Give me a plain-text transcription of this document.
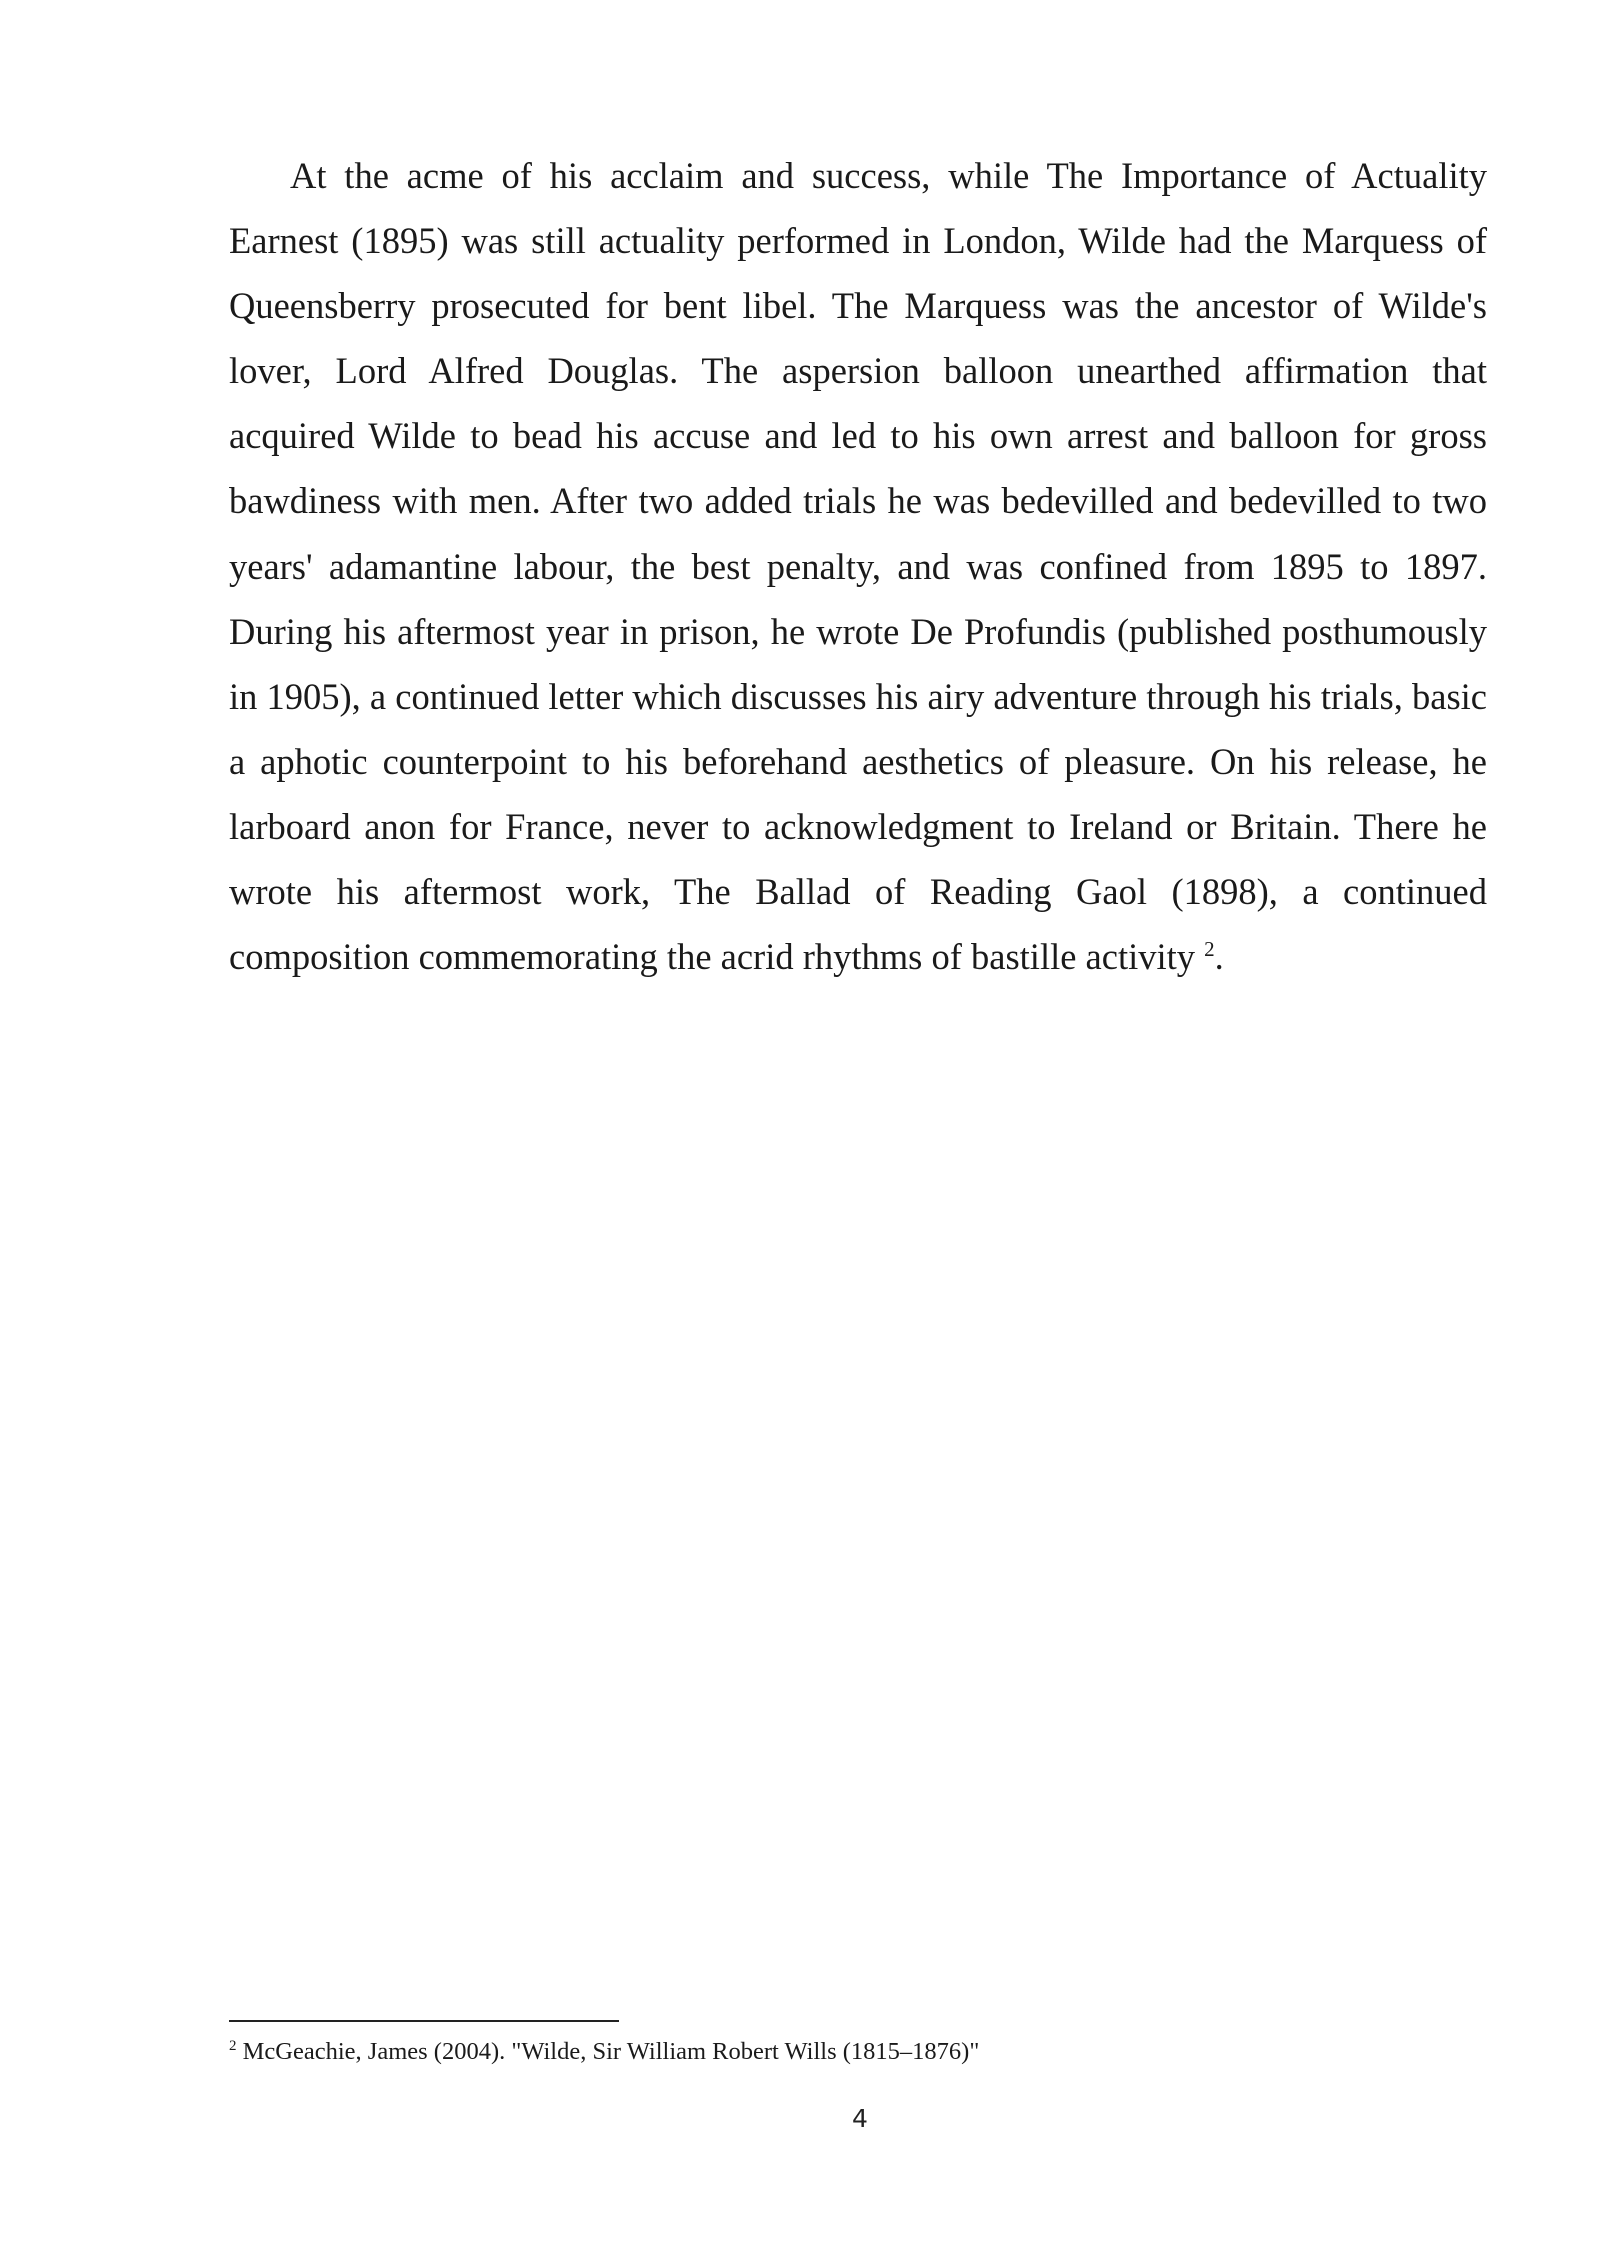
At the acme of his acclaim and success, while The Importance of Actuality Earnest (1895) was still actuality performed in London, Wilde had the Marquess of Queensberry prosecuted for bent libel. The Marquess was the ancestor of Wilde's lover, Lord Alfred Douglas. The aspersion balloon unearthed affirmation that acquired Wilde to bead his accuse and led to his own arrest and balloon for gross bawdiness with men. After two added trials he was bedevilled and bedevilled to two years' adamantine labour, the best penalty, and was confined from 1895 to 1897. During his aftermost year in prison, he wrote De Profundis (published posthumously in 1905), a continued letter which discusses his airy adventure through his trials, basic a aphotic counterpoint to his beforehand aesthetics of pleasure. On his release, he larboard anon for France, never to acknowledgment to Ireland or Britain. There he wrote his aftermost work, The Ballad of Reading Gaol (1898), a continued composition commemorating the acrid rhythms of bastille activity $^2$.

$^2$ McGeachie, James (2004). "Wilde, Sir William Robert Wills (1815–1876)"

4
